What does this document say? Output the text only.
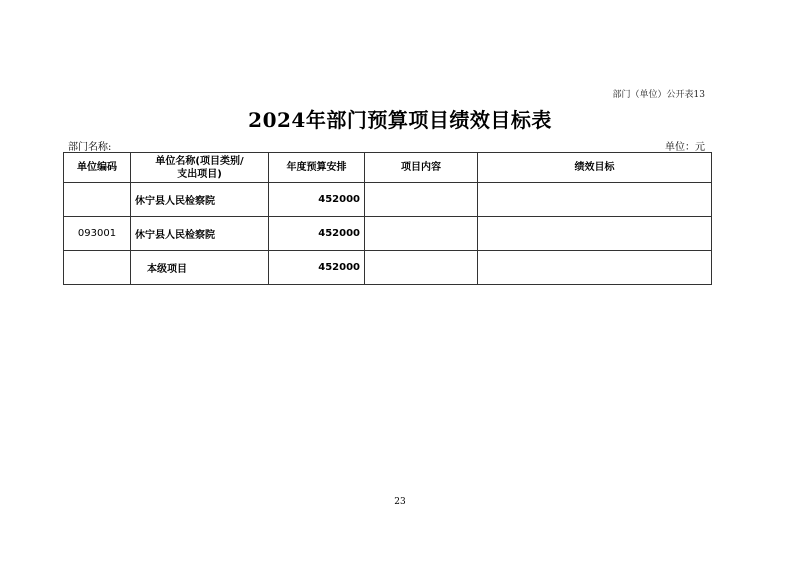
部门（单位）公开表13
2024年部门预算项目绩效目标表
部门名称:	单位：元
单位编码	单位名称(项目类别/支出项目)	年度预算安排	项目内容	绩效目标
	休宁县人民检察院	452000		
093001	休宁县人民检察院	452000		
	本级项目	452000		
23
